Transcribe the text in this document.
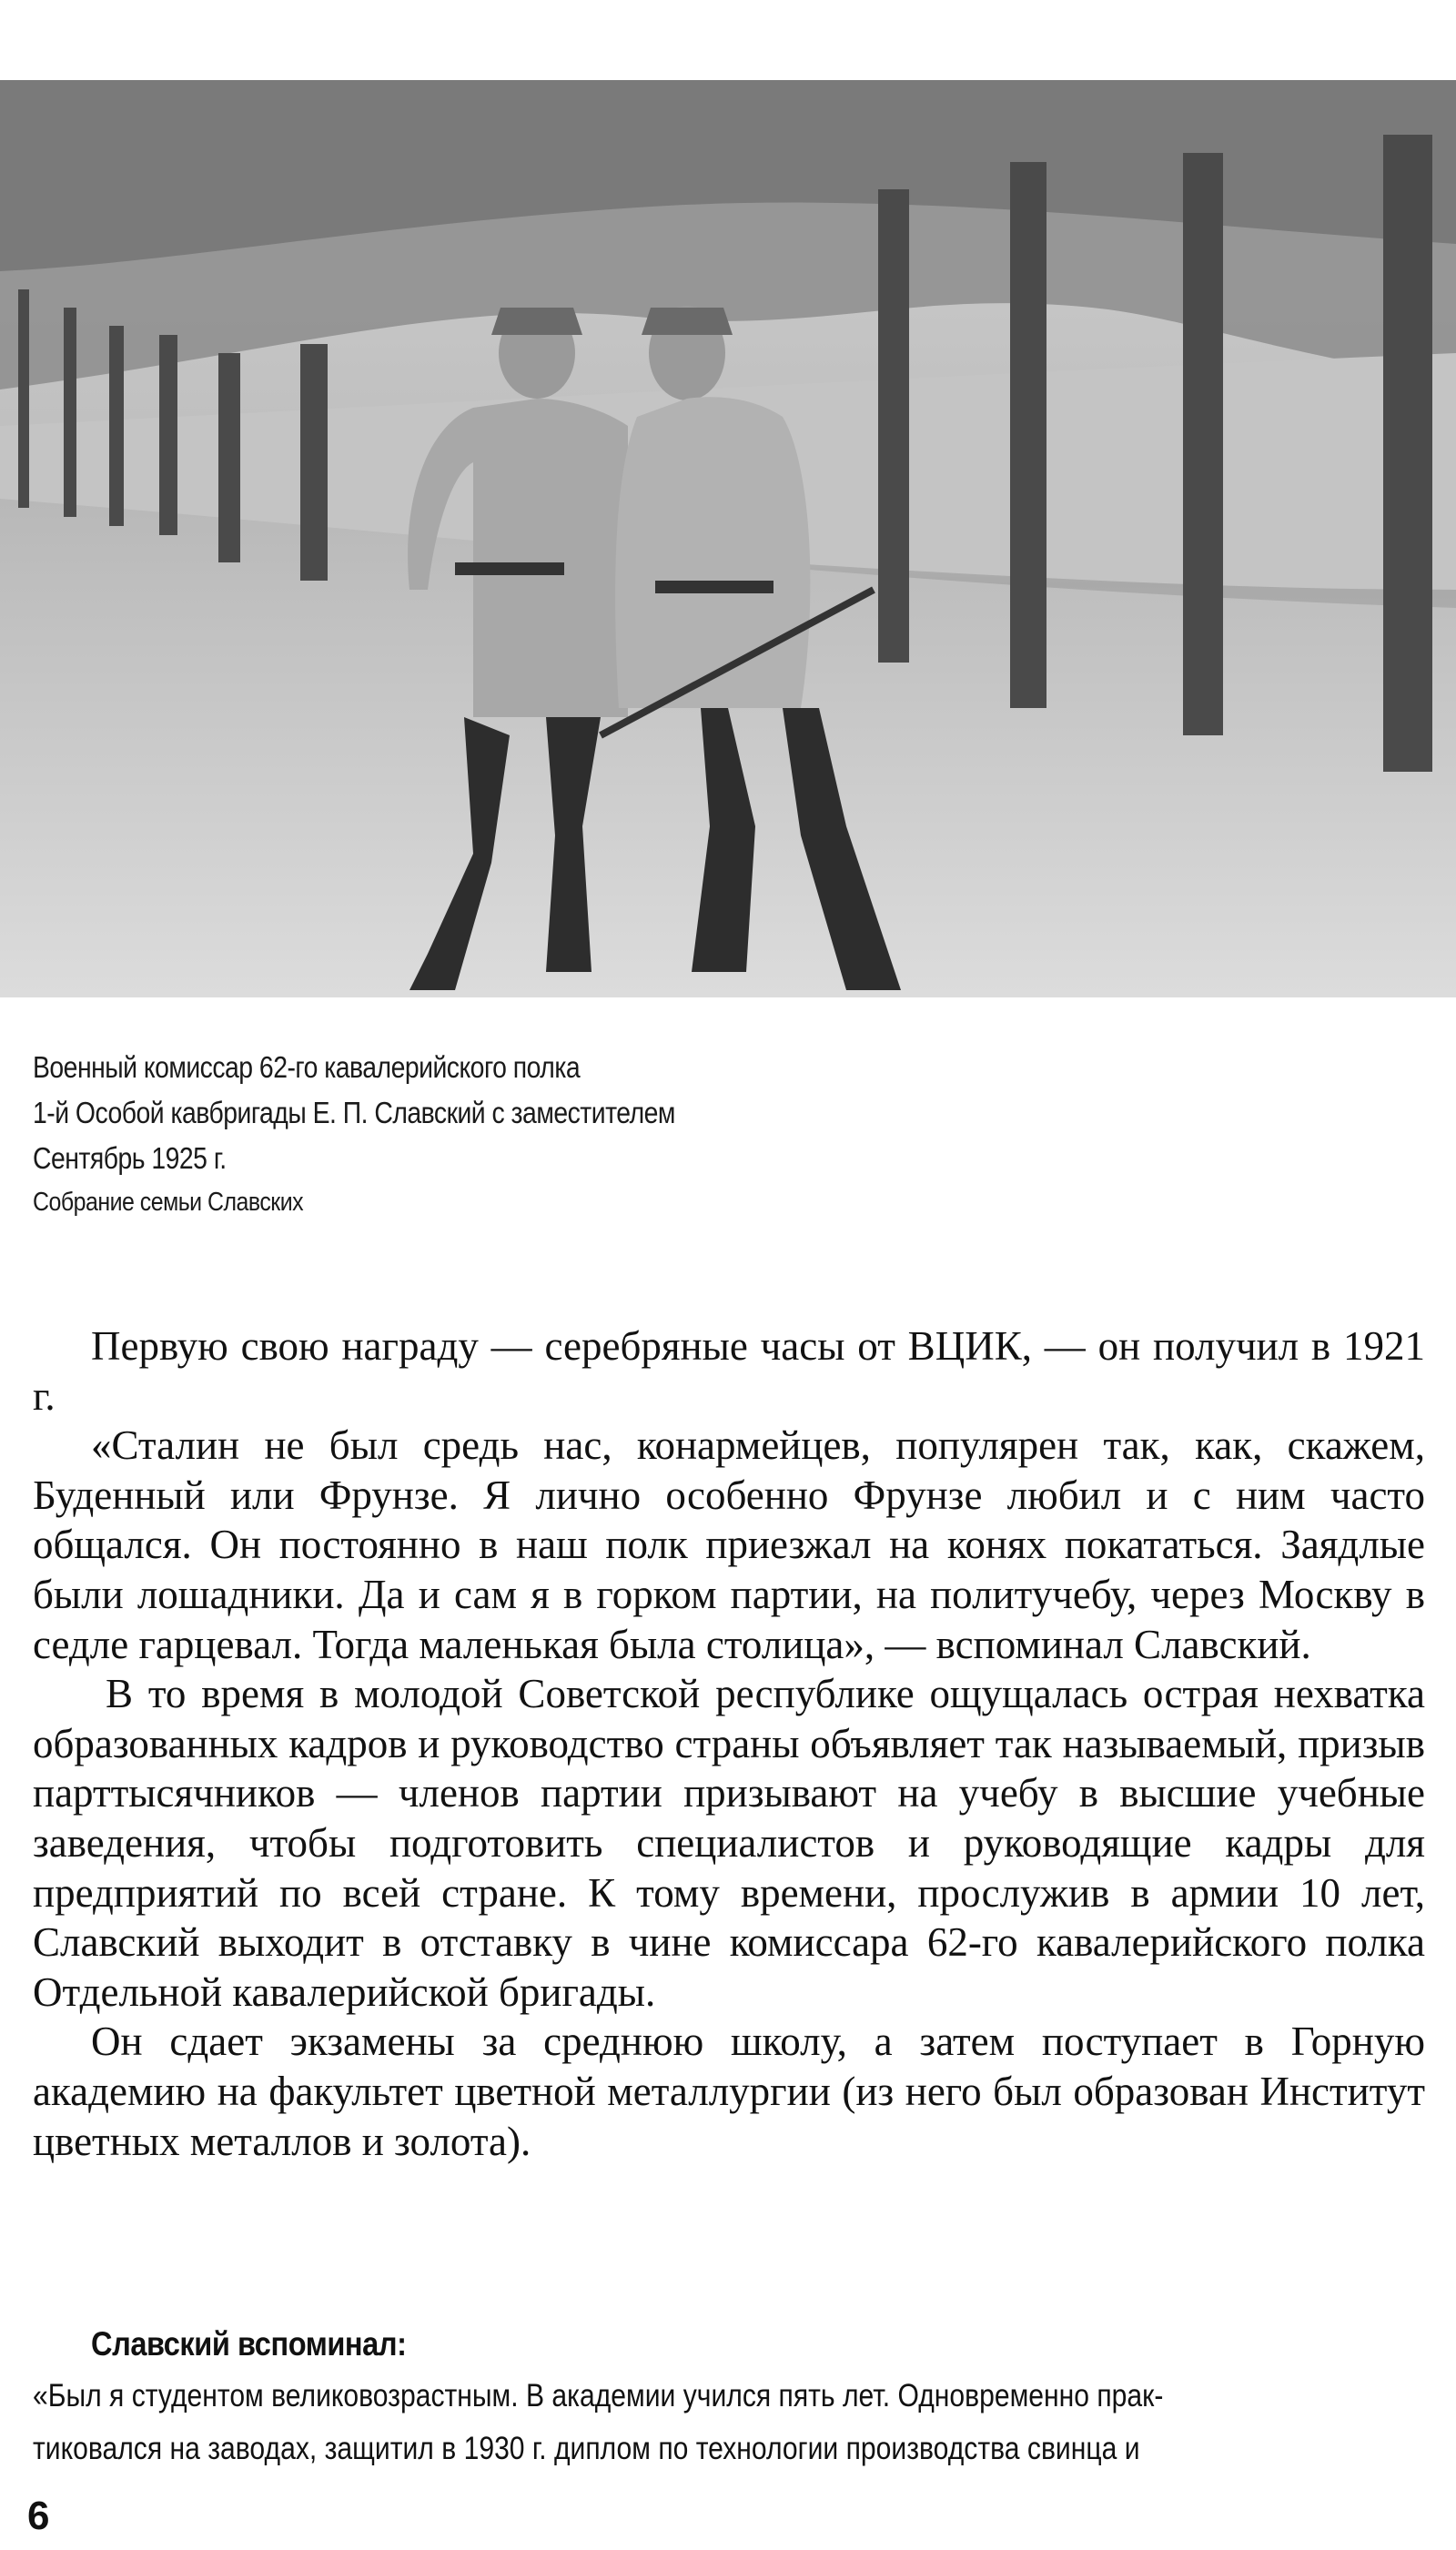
Военный комиссар 62-го кавалерийского полка
1-й Особой кавбригады Е. П. Славский с заместителем
Сентябрь 1925 г.
Собрание семьи Славских

Первую свою награду — серебряные часы от ВЦИК, — он получил в 1921 г.

«Сталин не был средь нас, конармейцев, популярен так, как, скажем, Буденный или Фрунзе. Я лично особенно Фрунзе любил и с ним часто общался. Он постоянно в наш полк приезжал на конях покататься. Заядлые были лошадники. Да и сам я в горком партии, на политучебу, через Москву в седле гарцевал. Тогда маленькая была столица», — вспоминал Славский.

В то время в молодой Советской республике ощущалась острая нехватка образованных кадров и руководство страны объявляет так называемый, призыв парттысячников — членов партии призывают на учебу в высшие учебные заведения, чтобы подготовить специалистов и руководящие кадры для предприятий по всей стране. К тому времени, прослужив в армии 10 лет, Славский выходит в отставку в чине комиссара 62-го кавалерийского полка Отдельной кавалерийской бригады.

Он сдает экзамены за среднюю школу, а затем поступает в Горную академию на факультет цветной металлургии (из него был образован Институт цветных металлов и золота).

Славский вспоминал:
«Был я студентом великовозрастным. В академии учился пять лет. Одновременно прак-
тиковался на заводах, защитил в 1930 г. диплом по технологии производства свинца и
6
